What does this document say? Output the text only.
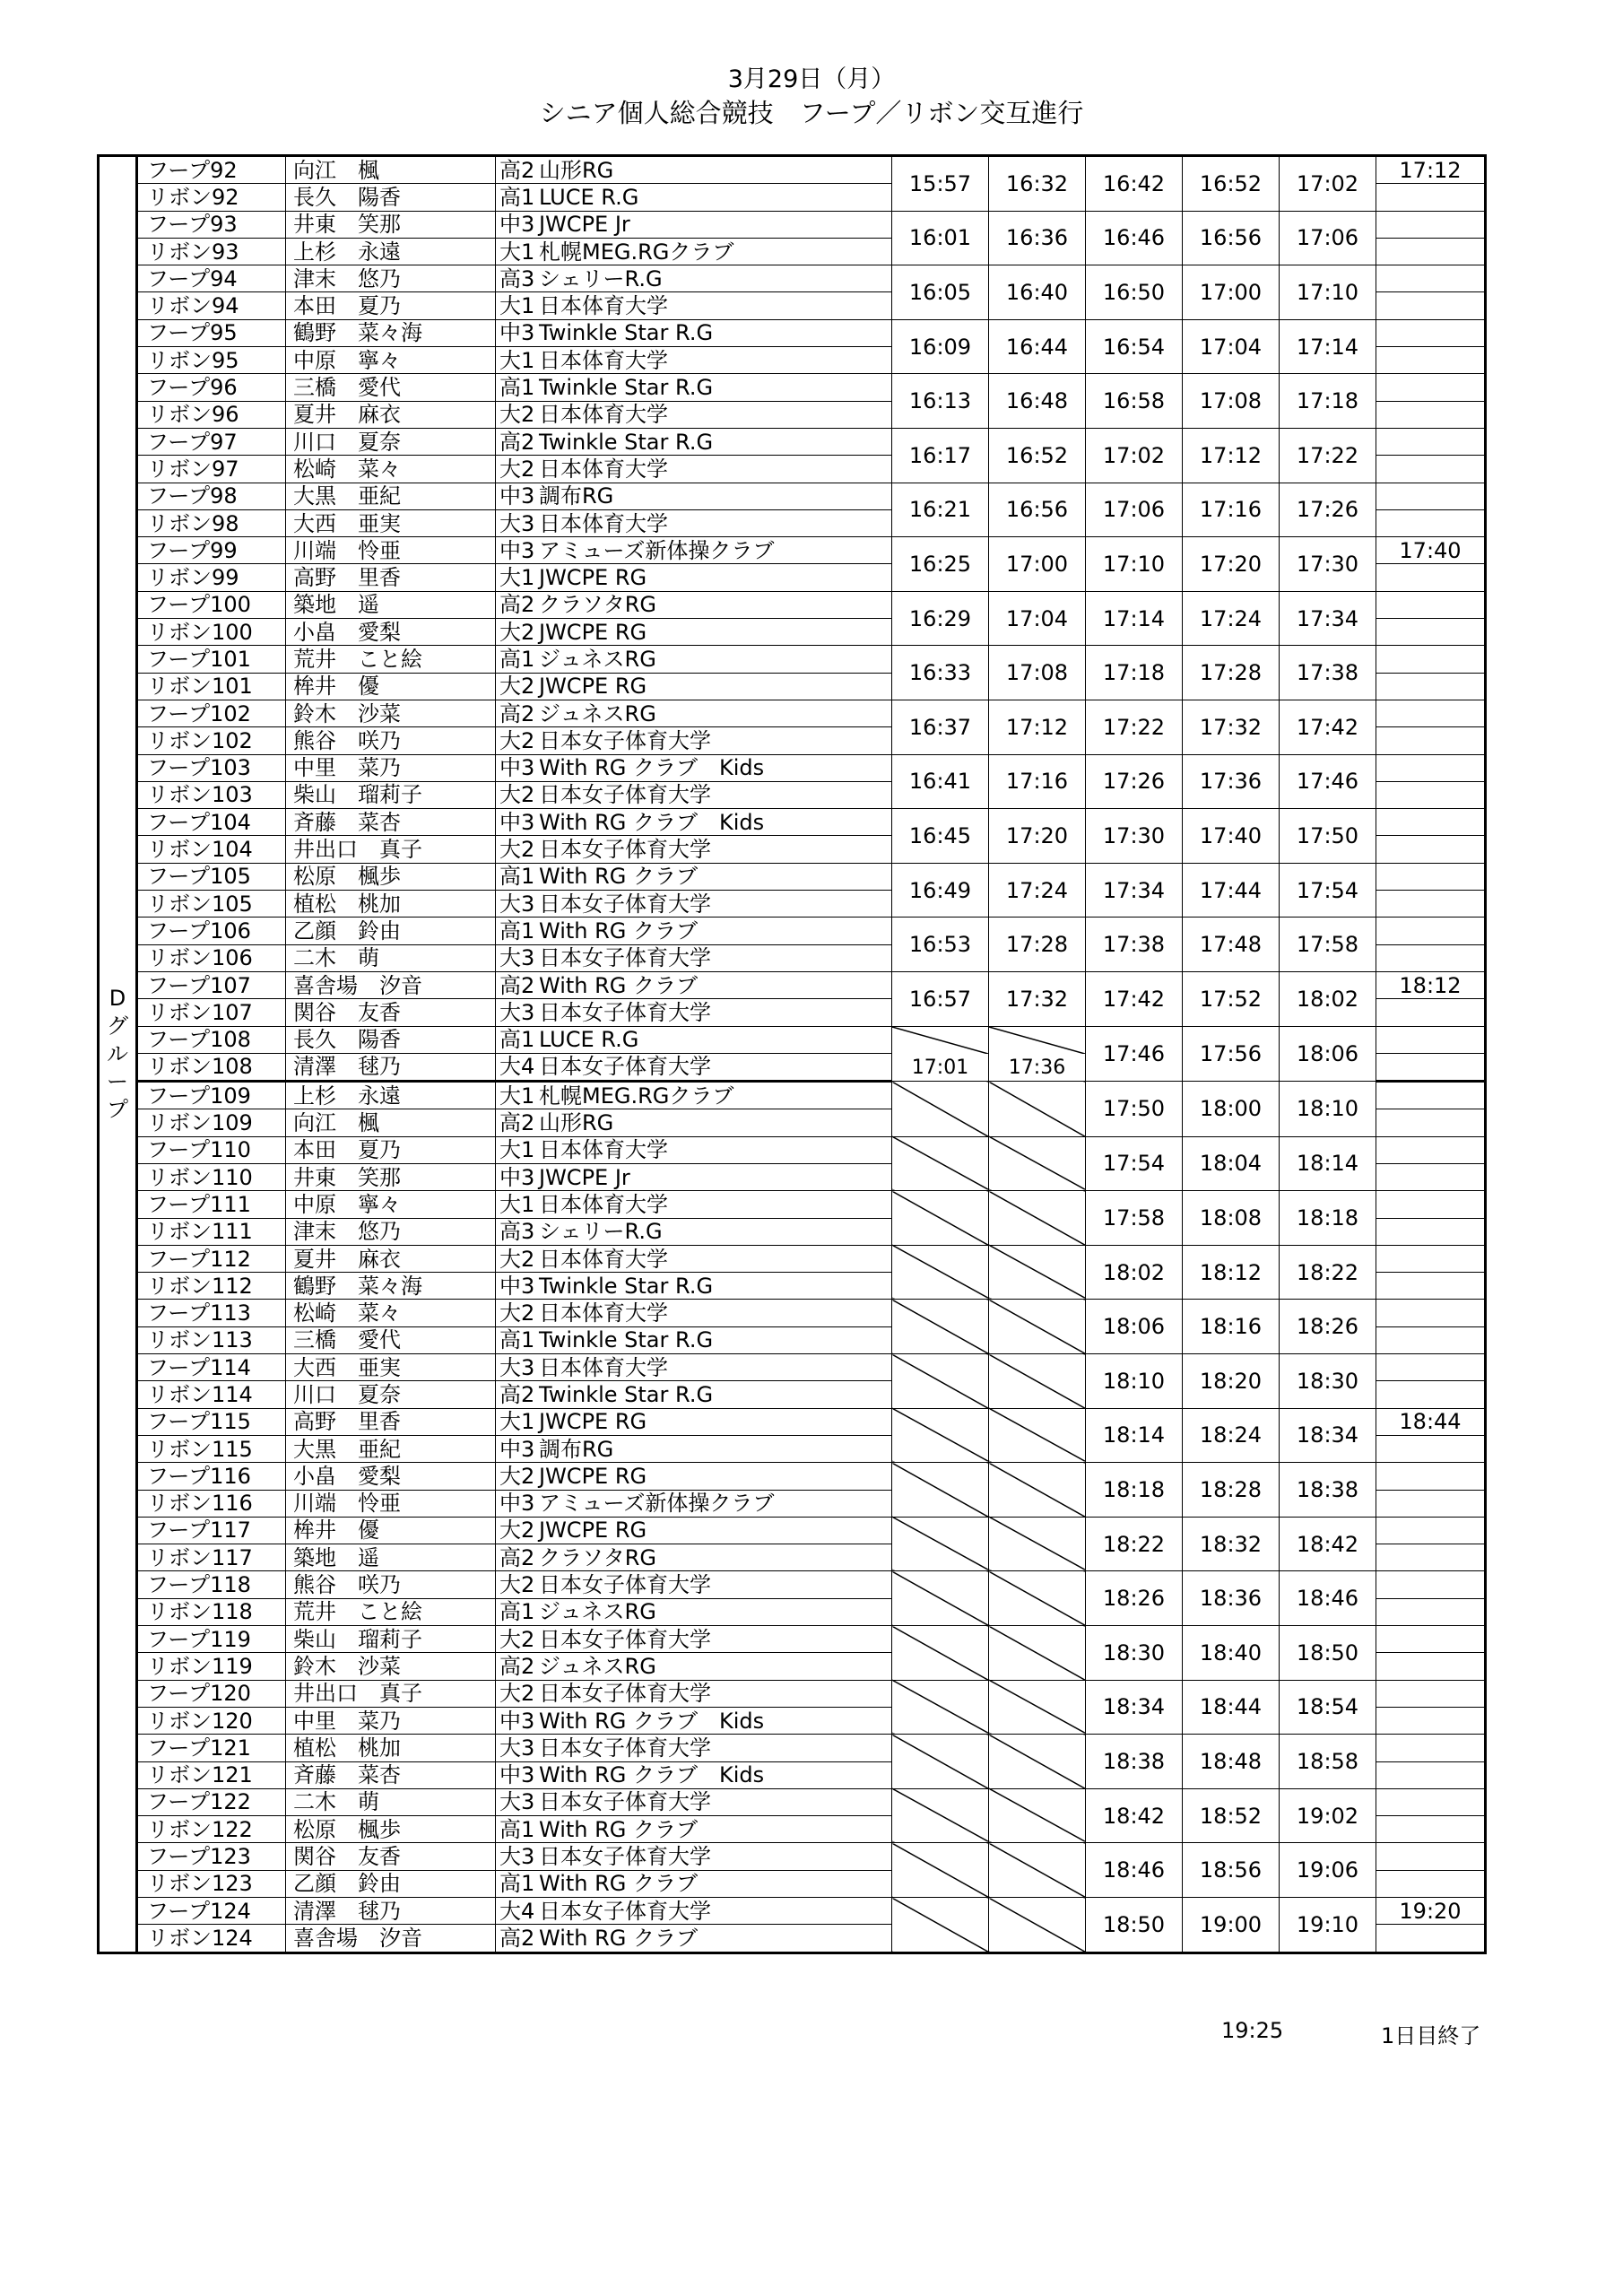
3月29日（月）
シニア個人総合競技　フープ／リボン交互進行
D
グ
ル
ー
プ	フープ92	向江　楓	高2	山形RG	15:57	16:32	16:42	16:52	17:02	17:12
	リボン92	長久　陽香	高1	LUCE R.G						
	フープ93	井東　笑那	中3	JWCPE Jr	16:01	16:36	16:46	16:56	17:06	
	リボン93	上杉　永遠	大1	札幌MEG.RGクラブ						
	フープ94	津末　悠乃	高3	シェリーR.G	16:05	16:40	16:50	17:00	17:10	
	リボン94	本田　夏乃	大1	日本体育大学						
	フープ95	鶴野　菜々海	中3	Twinkle Star R.G	16:09	16:44	16:54	17:04	17:14	
	リボン95	中原　寧々	大1	日本体育大学						
	フープ96	三橋　愛代	高1	Twinkle Star R.G	16:13	16:48	16:58	17:08	17:18	
	リボン96	夏井　麻衣	大2	日本体育大学						
	フープ97	川口　夏奈	高2	Twinkle Star R.G	16:17	16:52	17:02	17:12	17:22	
	リボン97	松崎　菜々	大2	日本体育大学						
	フープ98	大黒　亜紀	中3	調布RG	16:21	16:56	17:06	17:16	17:26	
	リボン98	大西　亜実	大3	日本体育大学						
	フープ99	川端　怜亜	中3	アミューズ新体操クラブ	16:25	17:00	17:10	17:20	17:30	17:40
	リボン99	高野　里香	大1	JWCPE RG						
	フープ100	築地　遥	高2	クラソタRG	16:29	17:04	17:14	17:24	17:34	
	リボン100	小畠　愛梨	大2	JWCPE RG						
	フープ101	荒井　こと絵	高1	ジュネスRG	16:33	17:08	17:18	17:28	17:38	
	リボン101	桙井　優	大2	JWCPE RG						
	フープ102	鈴木　沙菜	高2	ジュネスRG	16:37	17:12	17:22	17:32	17:42	
	リボン102	熊谷　咲乃	大2	日本女子体育大学						
	フープ103	中里　菜乃	中3	With RG クラブ　Kids	16:41	17:16	17:26	17:36	17:46	
	リボン103	柴山　瑠莉子	大2	日本女子体育大学						
	フープ104	斉藤　菜杏	中3	With RG クラブ　Kids	16:45	17:20	17:30	17:40	17:50	
	リボン104	井出口　真子	大2	日本女子体育大学						
	フープ105	松原　楓歩	高1	With RG クラブ	16:49	17:24	17:34	17:44	17:54	
	リボン105	植松　桃加	大3	日本女子体育大学						
	フープ106	乙顔　鈴由	高1	With RG クラブ	16:53	17:28	17:38	17:48	17:58	
	リボン106	二木　萌	大3	日本女子体育大学						
	フープ107	喜舎場　汐音	高2	With RG クラブ	16:57	17:32	17:42	17:52	18:02	18:12
	リボン107	関谷　友香	大3	日本女子体育大学						
	フープ108	長久　陽香	高1	LUCE R.G	17:01	17:36	17:46	17:56	18:06	
	リボン108	清澤　毬乃	大4	日本女子体育大学						
	フープ109	上杉　永遠	大1	札幌MEG.RGクラブ			17:50	18:00	18:10	
	リボン109	向江　楓	高2	山形RG						
	フープ110	本田　夏乃	大1	日本体育大学			17:54	18:04	18:14	
	リボン110	井東　笑那	中3	JWCPE Jr						
	フープ111	中原　寧々	大1	日本体育大学			17:58	18:08	18:18	
	リボン111	津末　悠乃	高3	シェリーR.G						
	フープ112	夏井　麻衣	大2	日本体育大学			18:02	18:12	18:22	
	リボン112	鶴野　菜々海	中3	Twinkle Star R.G						
	フープ113	松崎　菜々	大2	日本体育大学			18:06	18:16	18:26	
	リボン113	三橋　愛代	高1	Twinkle Star R.G						
	フープ114	大西　亜実	大3	日本体育大学			18:10	18:20	18:30	
	リボン114	川口　夏奈	高2	Twinkle Star R.G						
	フープ115	高野　里香	大1	JWCPE RG			18:14	18:24	18:34	18:44
	リボン115	大黒　亜紀	中3	調布RG						
	フープ116	小畠　愛梨	大2	JWCPE RG			18:18	18:28	18:38	
	リボン116	川端　怜亜	中3	アミューズ新体操クラブ						
	フープ117	桙井　優	大2	JWCPE RG			18:22	18:32	18:42	
	リボン117	築地　遥	高2	クラソタRG						
	フープ118	熊谷　咲乃	大2	日本女子体育大学			18:26	18:36	18:46	
	リボン118	荒井　こと絵	高1	ジュネスRG						
	フープ119	柴山　瑠莉子	大2	日本女子体育大学			18:30	18:40	18:50	
	リボン119	鈴木　沙菜	高2	ジュネスRG						
	フープ120	井出口　真子	大2	日本女子体育大学			18:34	18:44	18:54	
	リボン120	中里　菜乃	中3	With RG クラブ　Kids						
	フープ121	植松　桃加	大3	日本女子体育大学			18:38	18:48	18:58	
	リボン121	斉藤　菜杏	中3	With RG クラブ　Kids						
	フープ122	二木　萌	大3	日本女子体育大学			18:42	18:52	19:02	
	リボン122	松原　楓歩	高1	With RG クラブ						
	フープ123	関谷　友香	大3	日本女子体育大学			18:46	18:56	19:06	
	リボン123	乙顔　鈴由	高1	With RG クラブ						
	フープ124	清澤　毬乃	大4	日本女子体育大学			18:50	19:00	19:10	19:20
	リボン124	喜舎場　汐音	高2	With RG クラブ						
19:25	1日目終了
